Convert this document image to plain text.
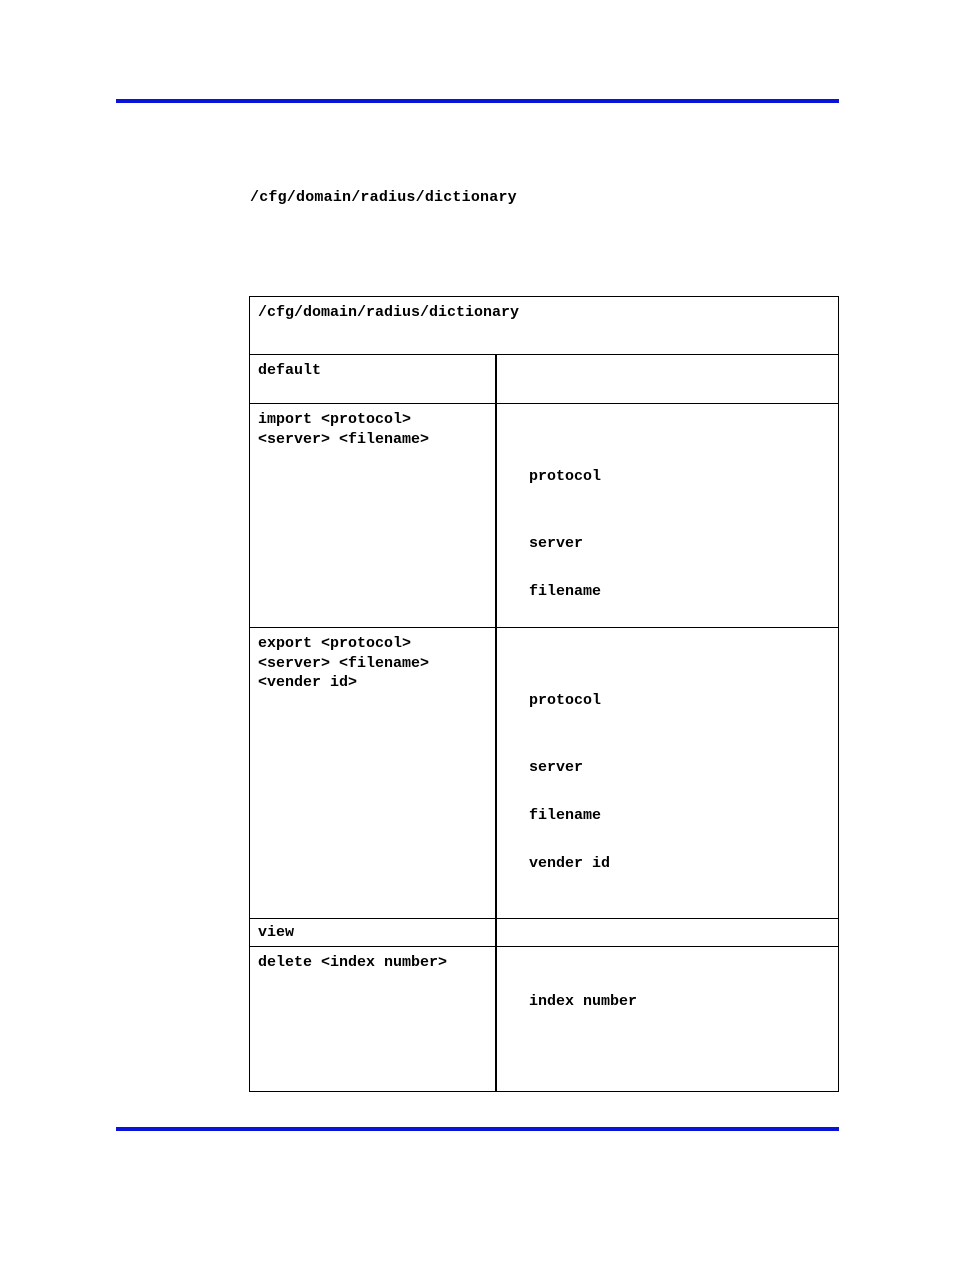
/cfg/domain/radius/dictionary
/cfg/domain/radius/dictionary
default
import <protocol>
<server> <filename>
protocol
server
filename
export <protocol>
<server> <filename>
<vender id>
protocol
server
filename
vender id
view
delete <index number>
index number
